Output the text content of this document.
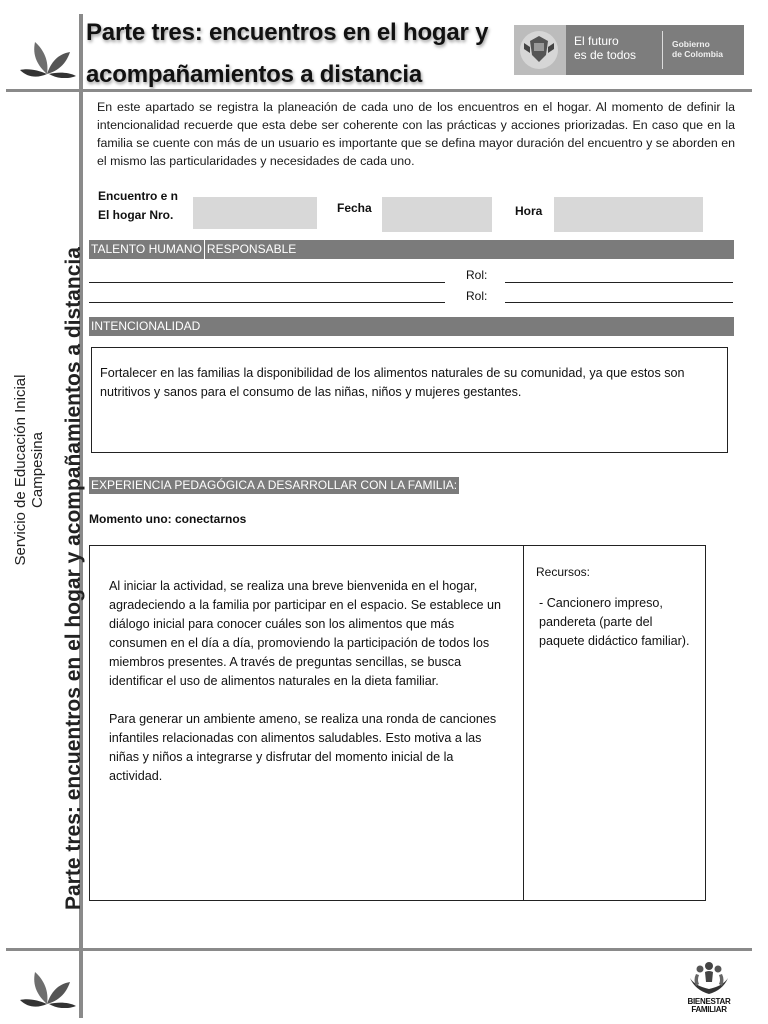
Parte tres: encuentros en el hogar y
acompañamientos a distancia
El futuro
es de todos
Gobierno
de Colombia
Parte tres: encuentros en el hogar y acompañamientos a distancia
Servicio de Educación Inicial Campesina
En este apartado se registra la planeación de cada uno de los encuentros en el hogar. Al momento de definir la intencionalidad recuerde que esta debe ser coherente con las prácticas y acciones priorizadas. En caso que en la familia se cuente con más de un usuario es importante que se defina mayor duración del encuentro y se aborden en el mismo las particularidades y necesidades de cada uno.
Encuentro e n
El hogar Nro.	Fecha	Hora
TALENTO HUMANO RESPONSABLE
Rol:
Rol:
INTENCIONALIDAD
Fortalecer en las familias la disponibilidad de los alimentos naturales de su comunidad, ya que estos son nutritivos y sanos para el consumo de las niñas, niños y mujeres gestantes.
EXPERIENCIA PEDAGÓGICA A DESARROLLAR CON LA FAMILIA:
Momento uno: conectarnos

Al iniciar la actividad, se realiza una breve bienvenida en el hogar, agradeciendo a la familia por participar en el espacio. Se establece un diálogo inicial para conocer cuáles son los alimentos que más consumen en el día a día, promoviendo la participación de todos los miembros presentes. A través de preguntas sencillas, se busca identificar el uso de alimentos naturales en la dieta familiar.

Para generar un ambiente ameno, se realiza una ronda de canciones infantiles relacionadas con alimentos saludables. Esto motiva a las niñas y niños a integrarse y disfrutar del momento inicial de la actividad.

Recursos:
- Cancionero impreso, pandereta (parte del paquete didáctico familiar).
BIENESTAR
FAMILIAR
